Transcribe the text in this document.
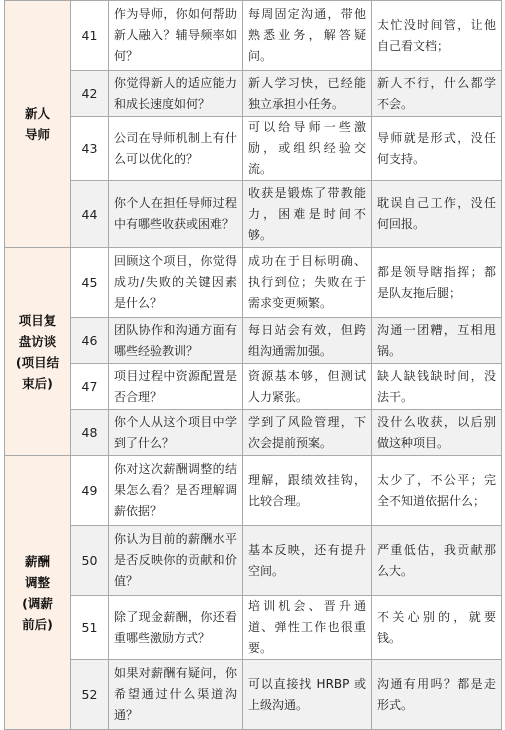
新人
导师	41	作为导师，你如何帮助新人融入？辅导频率如何？	每周固定沟通，带他熟悉业务，解答疑问。	太忙没时间管，让他自己看文档；
	42	你觉得新人的适应能力和成长速度如何？	新人学习快，已经能独立承担小任务。	新人不行，什么都学不会。
	43	公司在导师机制上有什么可以优化的？	可以给导师一些激励，或组织经验交流。	导师就是形式，没任何支持。
	44	你个人在担任导师过程中有哪些收获或困难？	收获是锻炼了带教能力，困难是时间不够。	耽误自己工作，没任何回报。

项目复
盘访谈
(项目结
束后)	45	回顾这个项目，你觉得成功/失败的关键因素是什么？	成功在于目标明确、执行到位；失败在于需求变更频繁。	都是领导瞎指挥；都是队友拖后腿；
	46	团队协作和沟通方面有哪些经验教训？	每日站会有效，但跨组沟通需加强。	沟通一团糟，互相甩锅。
	47	项目过程中资源配置是否合理？	资源基本够，但测试人力紧张。	缺人缺钱缺时间，没法干。
	48	你个人从这个项目中学到了什么？	学到了风险管理，下次会提前预案。	没什么收获，以后别做这种项目。

薪酬
调整
(调薪
前后)	49	你对这次薪酬调整的结果怎么看？是否理解调薪依据？	理解，跟绩效挂钩，比较合理。	太少了，不公平；完全不知道依据什么；
	50	你认为目前的薪酬水平是否反映你的贡献和价值？	基本反映，还有提升空间。	严重低估，我贡献那么大。
	51	除了现金薪酬，你还看重哪些激励方式？	培训机会、晋升通道、弹性工作也很重要。	不关心别的，就要钱。
	52	如果对薪酬有疑问，你希望通过什么渠道沟通？	可以直接找 HRBP 或上级沟通。	沟通有用吗？都是走形式。
